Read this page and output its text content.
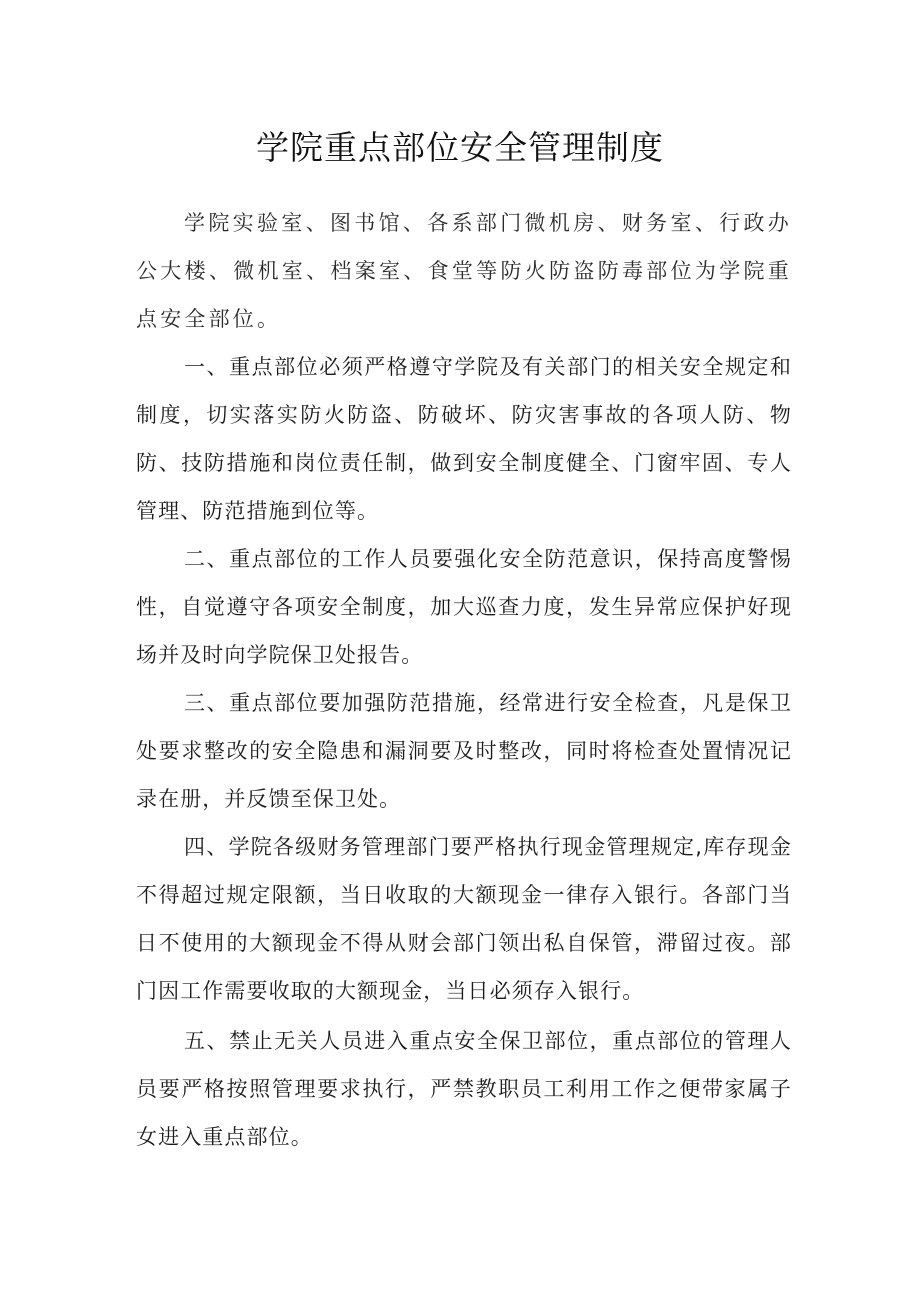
学院重点部位安全管理制度

学院实验室、图书馆、各系部门微机房、财务室、行政办公大楼、微机室、档案室、食堂等防火防盗防毒部位为学院重点安全部位。

一、重点部位必须严格遵守学院及有关部门的相关安全规定和制度，切实落实防火防盗、防破坏、防灾害事故的各项人防、物防、技防措施和岗位责任制，做到安全制度健全、门窗牢固、专人管理、防范措施到位等。

二、重点部位的工作人员要强化安全防范意识，保持高度警惕性，自觉遵守各项安全制度，加大巡查力度，发生异常应保护好现场并及时向学院保卫处报告。

三、重点部位要加强防范措施，经常进行安全检查，凡是保卫处要求整改的安全隐患和漏洞要及时整改，同时将检查处置情况记录在册，并反馈至保卫处。

四、学院各级财务管理部门要严格执行现金管理规定,库存现金不得超过规定限额，当日收取的大额现金一律存入银行。各部门当日不使用的大额现金不得从财会部门领出私自保管，滞留过夜。部门因工作需要收取的大额现金，当日必须存入银行。

五、禁止无关人员进入重点安全保卫部位，重点部位的管理人员要严格按照管理要求执行，严禁教职员工利用工作之便带家属子女进入重点部位。
